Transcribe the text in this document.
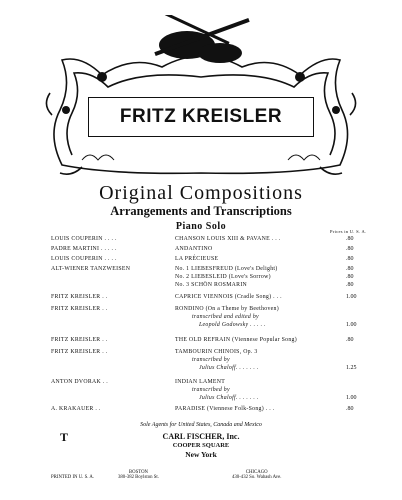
FRITZ KREISLER
Original Compositions
Arrangements and Transcriptions
Piano Solo	Prices in U. S. A.
LOUIS COUPERIN . . . .	CHANSON LOUIS XIII & PAVANE . . .	.80
PADRE MARTINI . . . . .	ANDANTINO	.80
LOUIS COUPERIN . . . .	LA PRÉCIEUSE	.80
ALT-WIENER TANZWEISEN	No. 1 LIEBESFREUD (Love's Delight)	.80
No. 2 LIEBESLEID (Love's Sorrow)	.80
No. 3 SCHÖN ROSMARIN	.80
FRITZ KREISLER . .	CAPRICE VIENNOIS (Cradle Song) . . .	1.00
FRITZ KREISLER . .	RONDINO (On a Theme by Beethoven)
transcribed and edited by
Leopold Godowsky . . . . .	1.00
FRITZ KREISLER . .	THE OLD REFRAIN (Viennese Popular Song)	.80
FRITZ KREISLER . .	TAMBOURIN CHINOIS, Op. 3
transcribed by
Julius Chaloff. . . . . . .	1.25
ANTON DVORAK . .	INDIAN LAMENT
transcribed by
Julius Chaloff. . . . . . .	1.00
A. KRAKAUER . .	PARADISE (Viennese Folk-Song) . . .	.80
Sole Agents for United States, Canada and Mexico
T	CARL FISCHER, Inc.
COOPER SQUARE
New York
PRINTED IN U. S. A.
BOSTON
380-382 Boylston St.
CHICAGO
430-432 So. Wabash Ave.
